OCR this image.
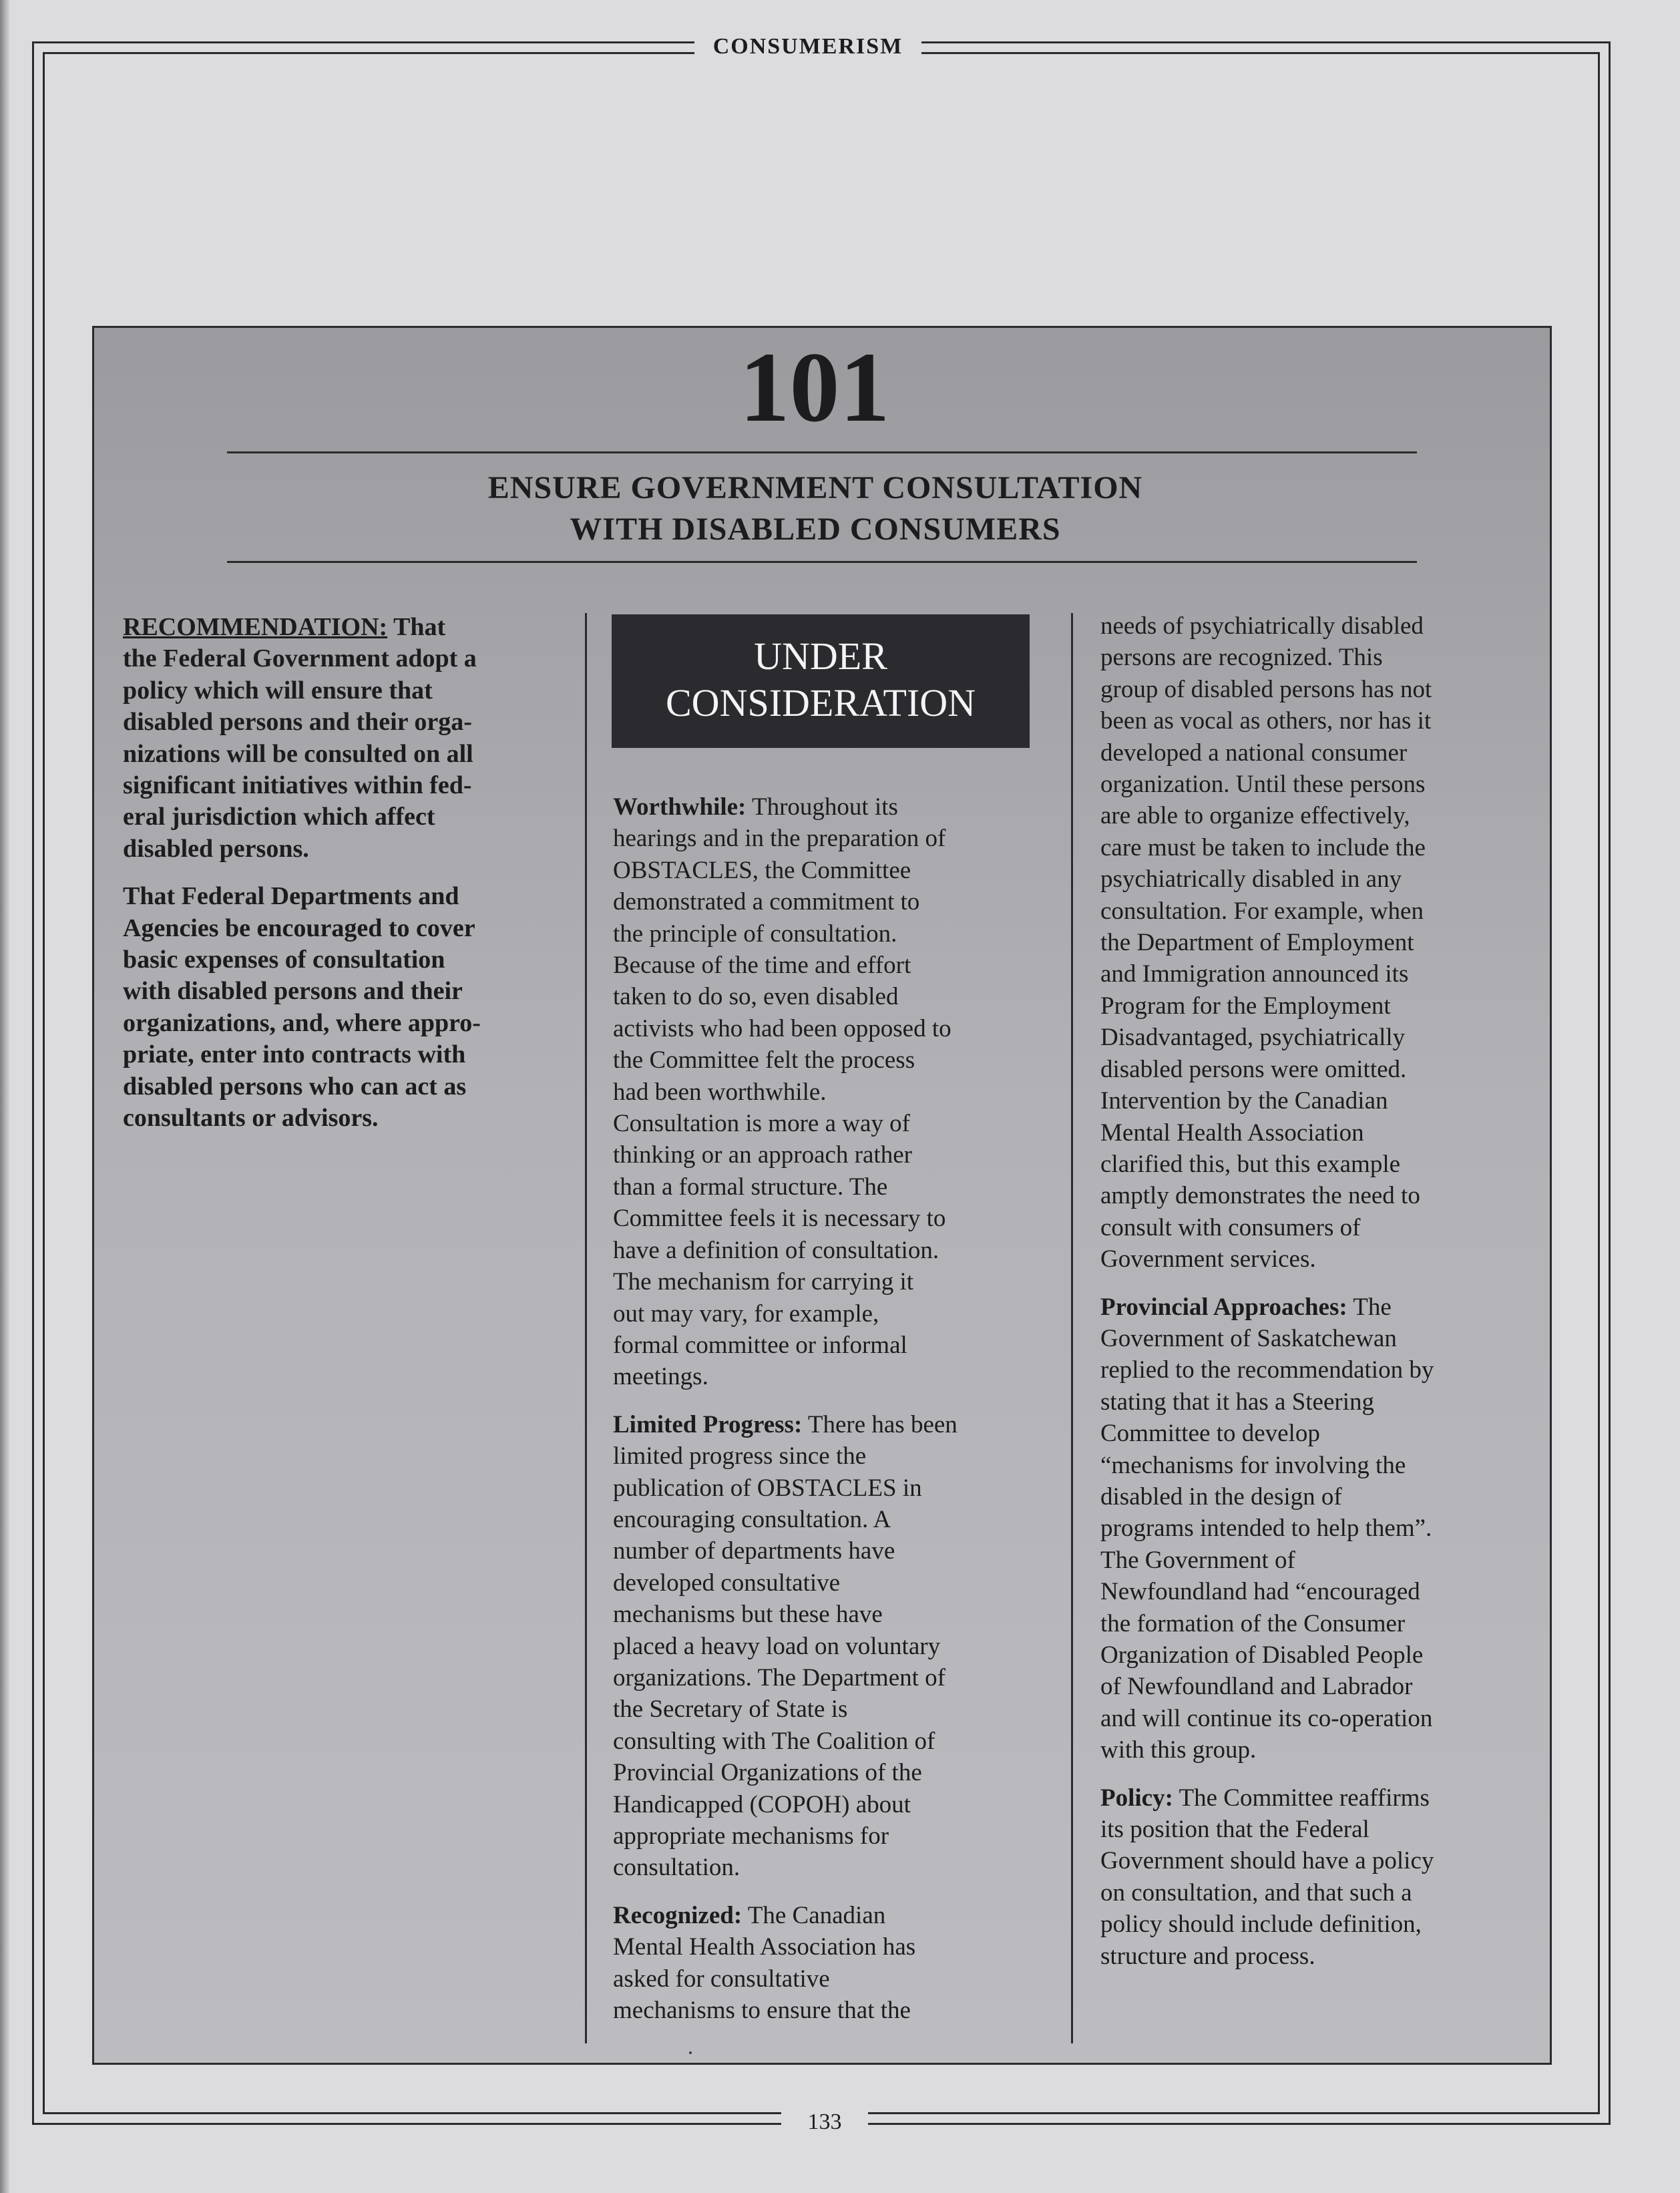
CONSUMERISM
101
ENSURE GOVERNMENT CONSULTATION
WITH DISABLED CONSUMERS

RECOMMENDATION: That
the Federal Government adopt a
policy which will ensure that
disabled persons and their orga-
nizations will be consulted on all
significant initiatives within fed-
eral jurisdiction which affect
disabled persons.

That Federal Departments and
Agencies be encouraged to cover
basic expenses of consultation
with disabled persons and their
organizations, and, where appro-
priate, enter into contracts with
disabled persons who can act as
consultants or advisors.

UNDER
CONSIDERATION

Worthwhile: Throughout its
hearings and in the preparation of
OBSTACLES, the Committee
demonstrated a commitment to
the principle of consultation.
Because of the time and effort
taken to do so, even disabled
activists who had been opposed to
the Committee felt the process
had been worthwhile.
Consultation is more a way of
thinking or an approach rather
than a formal structure. The
Committee feels it is necessary to
have a definition of consultation.
The mechanism for carrying it
out may vary, for example,
formal committee or informal
meetings.

Limited Progress: There has been
limited progress since the
publication of OBSTACLES in
encouraging consultation. A
number of departments have
developed consultative
mechanisms but these have
placed a heavy load on voluntary
organizations. The Department of
the Secretary of State is
consulting with The Coalition of
Provincial Organizations of the
Handicapped (COPOH) about
appropriate mechanisms for
consultation.

Recognized: The Canadian
Mental Health Association has
asked for consultative
mechanisms to ensure that the

needs of psychiatrically disabled
persons are recognized. This
group of disabled persons has not
been as vocal as others, nor has it
developed a national consumer
organization. Until these persons
are able to organize effectively,
care must be taken to include the
psychiatrically disabled in any
consultation. For example, when
the Department of Employment
and Immigration announced its
Program for the Employment
Disadvantaged, psychiatrically
disabled persons were omitted.
Intervention by the Canadian
Mental Health Association
clarified this, but this example
amptly demonstrates the need to
consult with consumers of
Government services.

Provincial Approaches: The
Government of Saskatchewan
replied to the recommendation by
stating that it has a Steering
Committee to develop
“mechanisms for involving the
disabled in the design of
programs intended to help them”.
The Government of
Newfoundland had “encouraged
the formation of the Consumer
Organization of Disabled People
of Newfoundland and Labrador
and will continue its co-operation
with this group.

Policy: The Committee reaffirms
its position that the Federal
Government should have a policy
on consultation, and that such a
policy should include definition,
structure and process.

133
